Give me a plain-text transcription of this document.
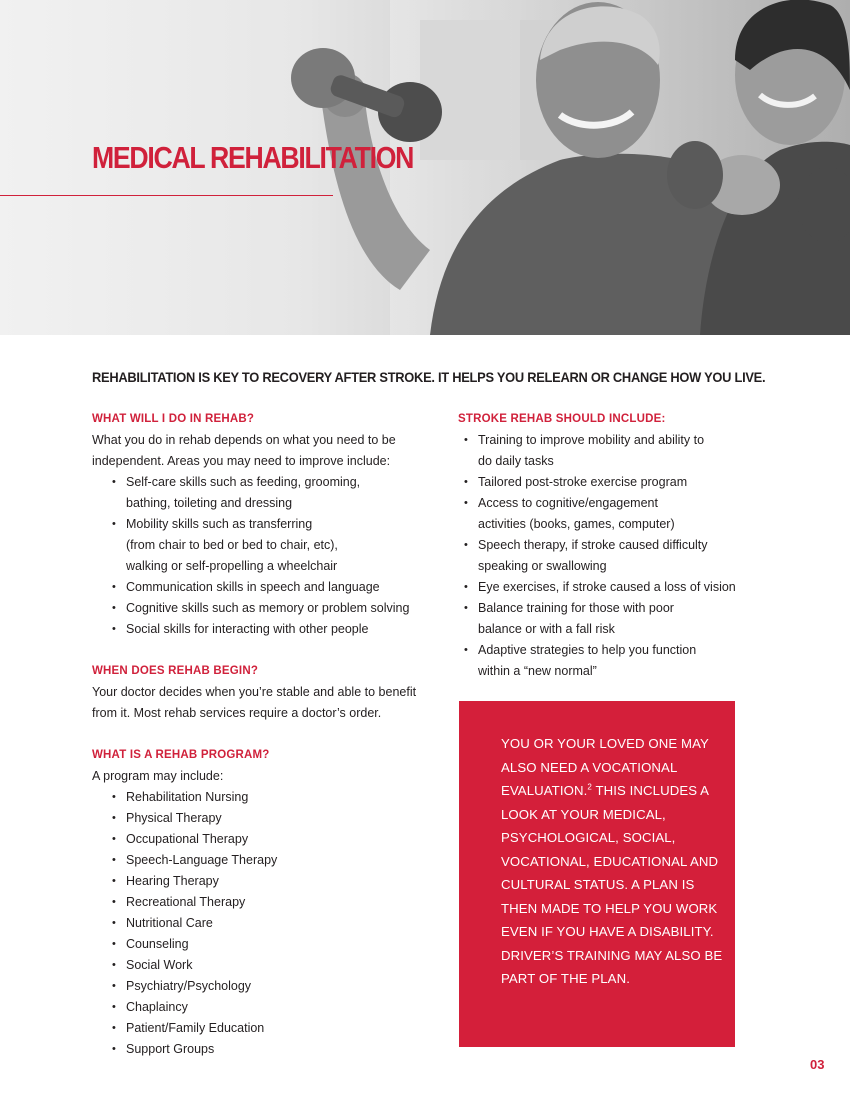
MEDICAL REHABILITATION

REHABILITATION IS KEY TO RECOVERY AFTER STROKE. IT HELPS YOU RELEARN OR CHANGE HOW YOU LIVE.

WHAT WILL I DO IN REHAB?

What you do in rehab depends on what you need to be independent. Areas you may need to improve include:

• Self-care skills such as feeding, grooming, bathing, toileting and dressing
• Mobility skills such as transferring (from chair to bed or bed to chair, etc), walking or self-propelling a wheelchair
• Communication skills in speech and language
• Cognitive skills such as memory or problem solving
• Social skills for interacting with other people
WHEN DOES REHAB BEGIN?

Your doctor decides when you’re stable and able to benefit from it. Most rehab services require a doctor’s order.

WHAT IS A REHAB PROGRAM?

A program may include:

• Rehabilitation Nursing
• Physical Therapy
• Occupational Therapy
• Speech-Language Therapy
• Hearing Therapy
• Recreational Therapy
• Nutritional Care
• Counseling
• Social Work
• Psychiatry/Psychology
• Chaplaincy
• Patient/Family Education
• Support Groups
STROKE REHAB SHOULD INCLUDE:
• Training to improve mobility and ability to do daily tasks
• Tailored post-stroke exercise program
• Access to cognitive/engagement activities (books, games, computer)
• Speech therapy, if stroke caused difficulty speaking or swallowing
• Eye exercises, if stroke caused a loss of vision
• Balance training for those with poor balance or with a fall risk
• Adaptive strategies to help you function within a “new normal”

YOU OR YOUR LOVED ONE MAY ALSO NEED A VOCATIONAL EVALUATION.$^2$ THIS INCLUDES A LOOK AT YOUR MEDICAL, PSYCHOLOGICAL, SOCIAL, VOCATIONAL, EDUCATIONAL AND CULTURAL STATUS. A PLAN IS THEN MADE TO HELP YOU WORK EVEN IF YOU HAVE A DISABILITY. DRIVER’S TRAINING MAY ALSO BE PART OF THE PLAN.

03
